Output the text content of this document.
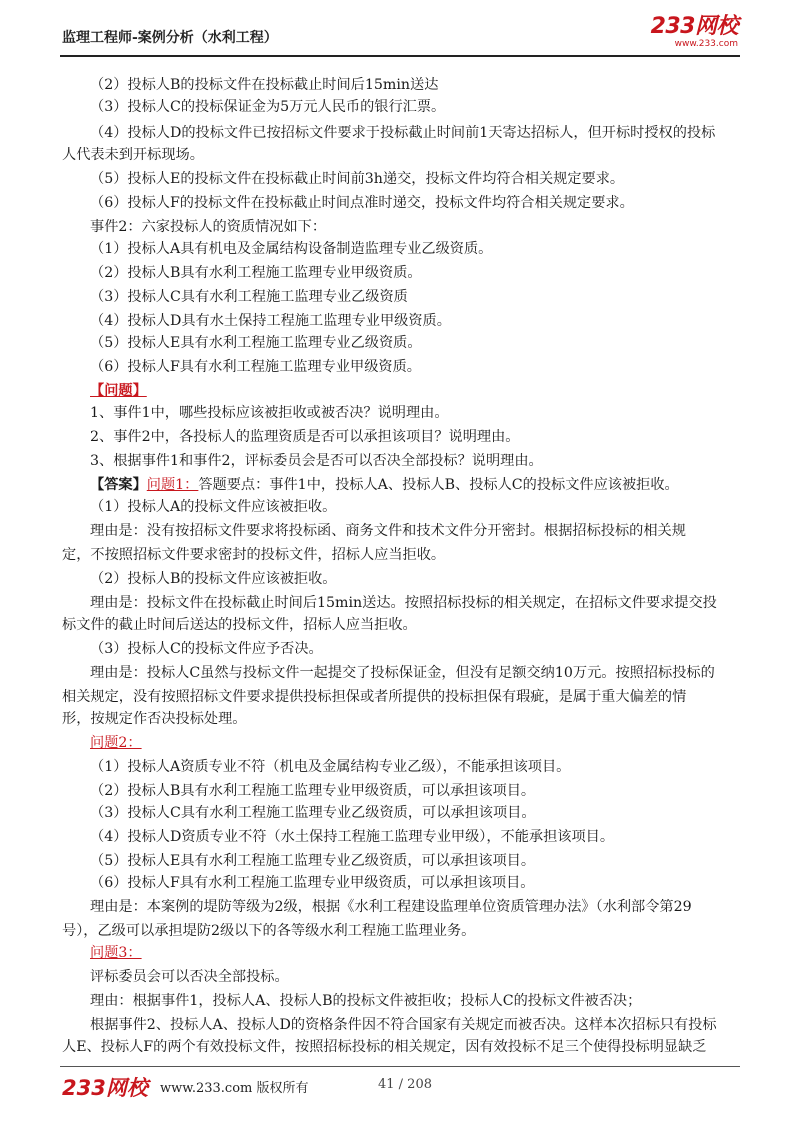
监理工程师-案例分析（水利工程）	233网校
www.233.com
（2）投标人B的投标文件在投标截止时间后15min送达
（3）投标人C的投标保证金为5万元人民币的银行汇票。
（4）投标人D的投标文件已按招标文件要求于投标截止时间前1天寄达招标人，但开标时授权的投标
人代表未到开标现场。
（5）投标人E的投标文件在投标截止时间前3h递交，投标文件均符合相关规定要求。
（6）投标人F的投标文件在投标截止时间点准时递交，投标文件均符合相关规定要求。
事件2：六家投标人的资质情况如下：
（1）投标人A具有机电及金属结构设备制造监理专业乙级资质。
（2）投标人B具有水利工程施工监理专业甲级资质。
（3）投标人C具有水利工程施工监理专业乙级资质
（4）投标人D具有水土保持工程施工监理专业甲级资质。
（5）投标人E具有水利工程施工监理专业乙级资质。
（6）投标人F具有水利工程施工监理专业甲级资质。
【问题】
1、事件1中，哪些投标应该被拒收或被否决？说明理由。
2、事件2中，各投标人的监理资质是否可以承担该项目？说明理由。
3、根据事件1和事件2，评标委员会是否可以否决全部投标？说明理由。
【答案】问题1：答题要点：事件1中，投标人A、投标人B、投标人C的投标文件应该被拒收。
（1）投标人A的投标文件应该被拒收。
理由是：没有按招标文件要求将投标函、商务文件和技术文件分开密封。根据招标投标的相关规
定，不按照招标文件要求密封的投标文件，招标人应当拒收。
（2）投标人B的投标文件应该被拒收。
理由是：投标文件在投标截止时间后15min送达。按照招标投标的相关规定，在招标文件要求提交投
标文件的截止时间后送达的投标文件，招标人应当拒收。
（3）投标人C的投标文件应予否决。
理由是：投标人C虽然与投标文件一起提交了投标保证金，但没有足额交纳10万元。按照招标投标的
相关规定，没有按照招标文件要求提供投标担保或者所提供的投标担保有瑕疵，是属于重大偏差的情
形，按规定作否决投标处理。
问题2：
（1）投标人A资质专业不符（机电及金属结构专业乙级），不能承担该项目。
（2）投标人B具有水利工程施工监理专业甲级资质，可以承担该项目。
（3）投标人C具有水利工程施工监理专业乙级资质，可以承担该项目。
（4）投标人D资质专业不符（水土保持工程施工监理专业甲级），不能承担该项目。
（5）投标人E具有水利工程施工监理专业乙级资质，可以承担该项目。
（6）投标人F具有水利工程施工监理专业甲级资质，可以承担该项目。
理由是：本案例的堤防等级为2级，根据《水利工程建设监理单位资质管理办法》（水利部令第29
号），乙级可以承担堤防2级以下的各等级水利工程施工监理业务。
问题3：
评标委员会可以否决全部投标。
理由：根据事件1，投标人A、投标人B的投标文件被拒收；投标人C的投标文件被否决；
根据事件2、投标人A、投标人D的资格条件因不符合国家有关规定而被否决。这样本次招标只有投标
人E、投标人F的两个有效投标文件，按照招标投标的相关规定，因有效投标不足三个使得投标明显缺乏
233网校 www.233.com 版权所有	41 / 208
